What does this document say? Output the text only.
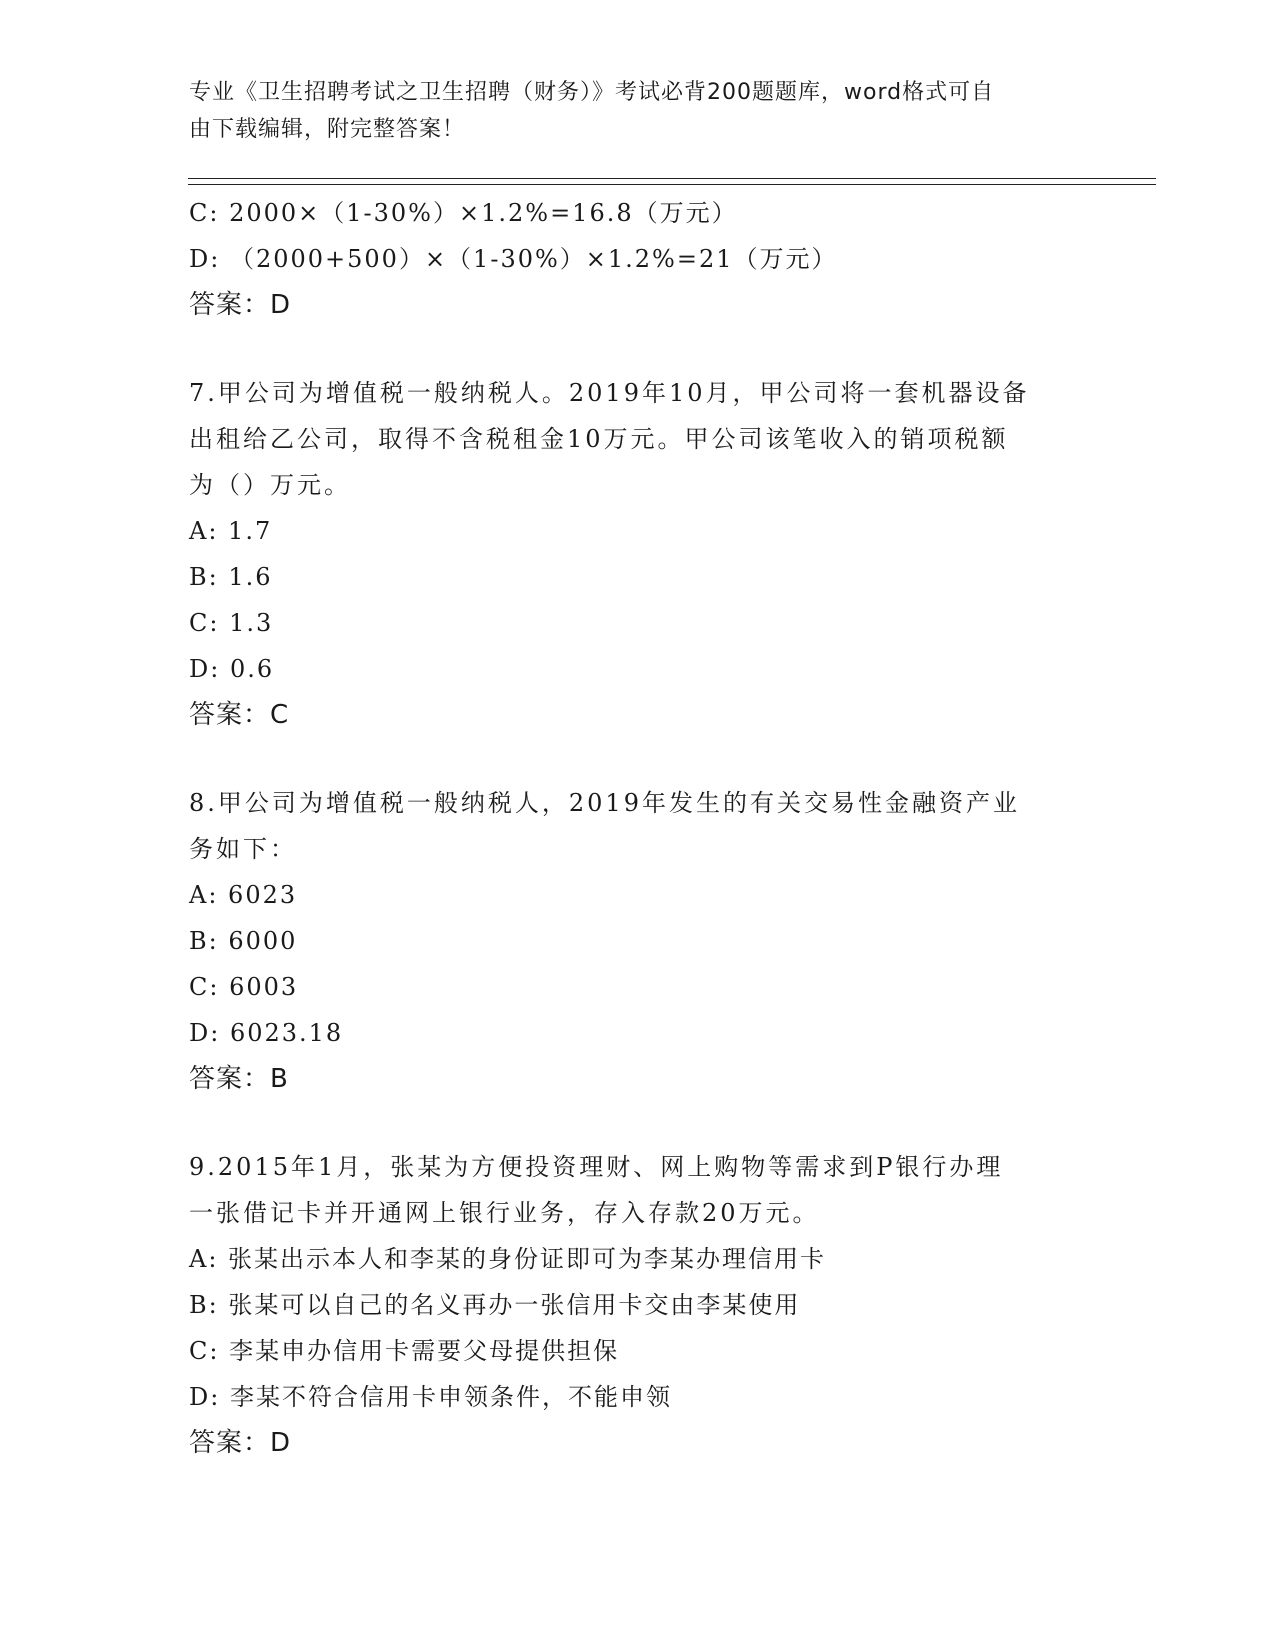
专业《卫生招聘考试之卫生招聘（财务）》考试必背200题题库，word格式可自
由下载编辑，附完整答案！
C: 2000×（1-30%）×1.2%=16.8（万元）
D: （2000+500）×（1-30%）×1.2%=21（万元）
答案：D
7.甲公司为增值税一般纳税人。2019年10月，甲公司将一套机器设备
出租给乙公司，取得不含税租金10万元。甲公司该笔收入的销项税额
为（）万元。
A: 1.7
B: 1.6
C: 1.3
D: 0.6
答案：C
8.甲公司为增值税一般纳税人，2019年发生的有关交易性金融资产业
务如下：
A: 6023
B: 6000
C: 6003
D: 6023.18
答案：B
9.2015年1月，张某为方便投资理财、网上购物等需求到P银行办理
一张借记卡并开通网上银行业务，存入存款20万元。
A: 张某出示本人和李某的身份证即可为李某办理信用卡
B: 张某可以自己的名义再办一张信用卡交由李某使用
C: 李某申办信用卡需要父母提供担保
D: 李某不符合信用卡申领条件，不能申领
答案：D
